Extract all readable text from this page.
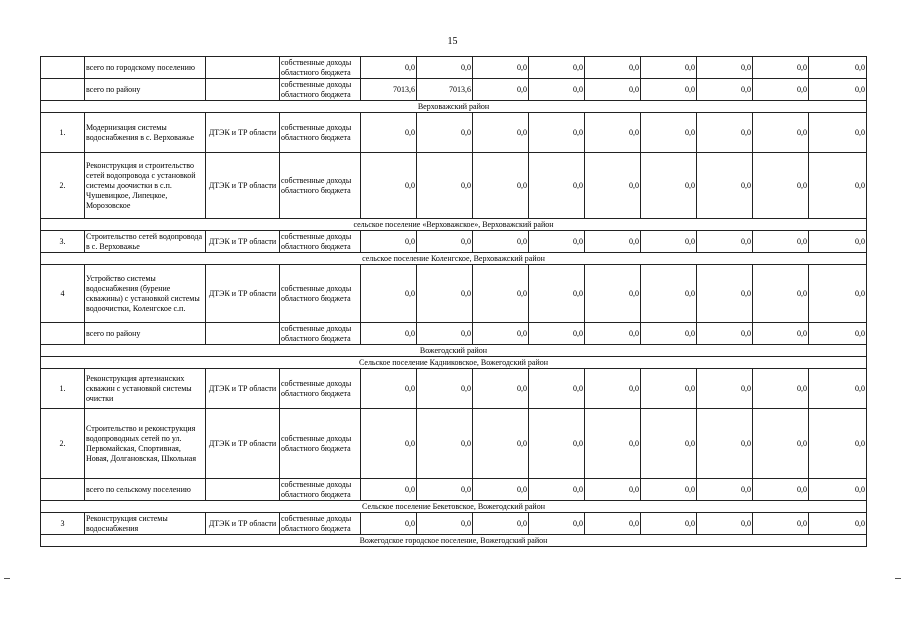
15
	всего по городскому поселению		собственные доходы областного бюджета	0,0	0,0	0,0	0,0	0,0	0,0	0,0	0,0	0,0
	всего по району		собственные доходы областного бюджета	7013,6	7013,6	0,0	0,0	0,0	0,0	0,0	0,0	0,0
Верховажский район												
1.	Модернизация системы водоснабжения в с. Верховажье	ДТЭК и ТР области	собственные доходы областного бюджета	0,0	0,0	0,0	0,0	0,0	0,0	0,0	0,0	0,0
2.	Реконструкция и строительство сетей водопровода с установкой системы доочистки в с.п. Чушевицкое, Липецкое, Морозовское	ДТЭК и ТР области	собственные доходы областного бюджета	0,0	0,0	0,0	0,0	0,0	0,0	0,0	0,0	0,0
сельское поселение «Верховажское», Верховажский район												
3.	Строительство сетей водопровода в с. Верховажье	ДТЭК и ТР области	собственные доходы областного бюджета	0,0	0,0	0,0	0,0	0,0	0,0	0,0	0,0	0,0
сельское поселение Коленгское, Верховажский район												
4	Устройство системы водоснабжения (бурение скважины) с установкой системы водоочистки, Коленгское с.п.	ДТЭК и ТР области	собственные доходы областного бюджета	0,0	0,0	0,0	0,0	0,0	0,0	0,0	0,0	0,0
	всего по району		собственные доходы областного бюджета	0,0	0,0	0,0	0,0	0,0	0,0	0,0	0,0	0,0
Вожегодский район												
Сельское поселение Кадниковское, Вожегодский район												
1.	Реконструкция артезианских скважин с установкой системы очистки	ДТЭК и ТР области	собственные доходы областного бюджета	0,0	0,0	0,0	0,0	0,0	0,0	0,0	0,0	0,0
2.	Строительство и реконструкция водопроводных сетей по ул. Первомайская, Спортивная, Новая, Долгановская, Школьная	ДТЭК и ТР области	собственные доходы областного бюджета	0,0	0,0	0,0	0,0	0,0	0,0	0,0	0,0	0,0
	всего по сельскому поселению		собственные доходы областного бюджета	0,0	0,0	0,0	0,0	0,0	0,0	0,0	0,0	0,0
Сельское поселение Бекетовское, Вожегодский район												
3	Реконструкция системы водоснабжения	ДТЭК и ТР области	собственные доходы областного бюджета	0,0	0,0	0,0	0,0	0,0	0,0	0,0	0,0	0,0
Вожегодское городское поселение, Вожегодский район												
